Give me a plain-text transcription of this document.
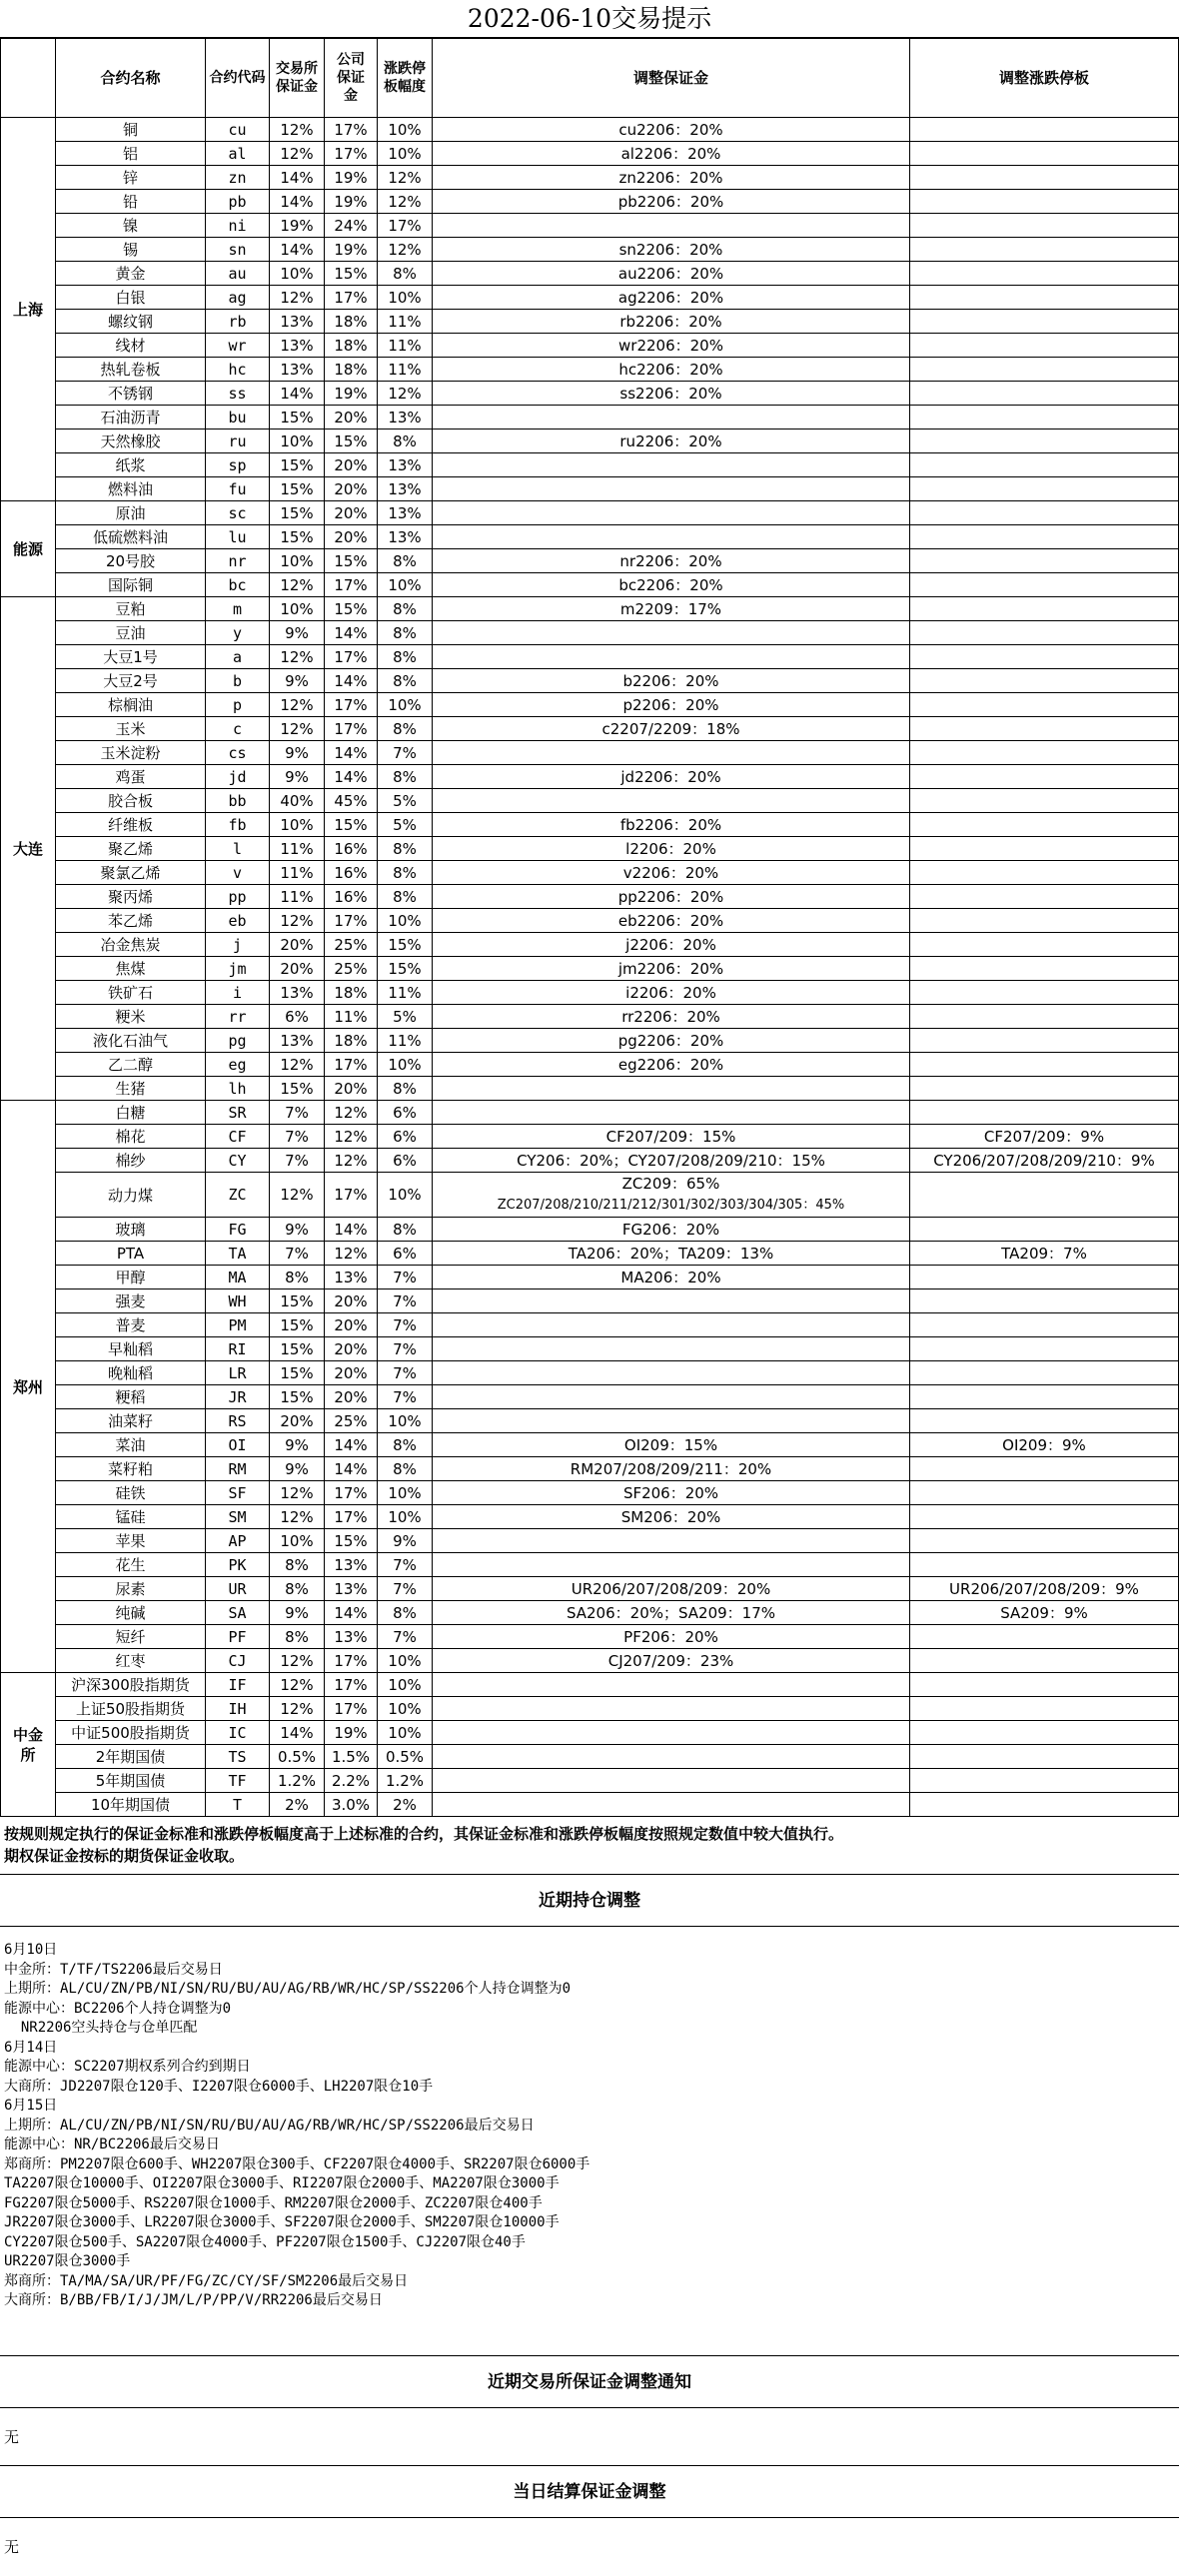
2022-06-10交易提示
	合约名称	合约代码	交易所保证金	公司保证金	涨跌停板幅度	调整保证金	调整涨跌停板
上海	铜	cu	12%	17%	10%	cu2206：20%	
	铝	al	12%	17%	10%	al2206：20%	
	锌	zn	14%	19%	12%	zn2206：20%	
	铅	pb	14%	19%	12%	pb2206：20%	
	镍	ni	19%	24%	17%		
	锡	sn	14%	19%	12%	sn2206：20%	
	黄金	au	10%	15%	8%	au2206：20%	
	白银	ag	12%	17%	10%	ag2206：20%	
	螺纹钢	rb	13%	18%	11%	rb2206：20%	
	线材	wr	13%	18%	11%	wr2206：20%	
	热轧卷板	hc	13%	18%	11%	hc2206：20%	
	不锈钢	ss	14%	19%	12%	ss2206：20%	
	石油沥青	bu	15%	20%	13%		
	天然橡胶	ru	10%	15%	8%	ru2206：20%	
	纸浆	sp	15%	20%	13%		
	燃料油	fu	15%	20%	13%		
能源	原油	sc	15%	20%	13%		
	低硫燃料油	lu	15%	20%	13%		
	20号胶	nr	10%	15%	8%	nr2206：20%	
	国际铜	bc	12%	17%	10%	bc2206：20%	
大连	豆粕	m	10%	15%	8%	m2209：17%	
	豆油	y	9%	14%	8%		
	大豆1号	a	12%	17%	8%		
	大豆2号	b	9%	14%	8%	b2206：20%	
	棕榈油	p	12%	17%	10%	p2206：20%	
	玉米	c	12%	17%	8%	c2207/2209：18%	
	玉米淀粉	cs	9%	14%	7%		
	鸡蛋	jd	9%	14%	8%	jd2206：20%	
	胶合板	bb	40%	45%	5%		
	纤维板	fb	10%	15%	5%	fb2206：20%	
	聚乙烯	l	11%	16%	8%	l2206：20%	
	聚氯乙烯	v	11%	16%	8%	v2206：20%	
	聚丙烯	pp	11%	16%	8%	pp2206：20%	
	苯乙烯	eb	12%	17%	10%	eb2206：20%	
	冶金焦炭	j	20%	25%	15%	j2206：20%	
	焦煤	jm	20%	25%	15%	jm2206：20%	
	铁矿石	i	13%	18%	11%	i2206：20%	
	粳米	rr	6%	11%	5%	rr2206：20%	
	液化石油气	pg	13%	18%	11%	pg2206：20%	
	乙二醇	eg	12%	17%	10%	eg2206：20%	
	生猪	lh	15%	20%	8%		
郑州	白糖	SR	7%	12%	6%		
	棉花	CF	7%	12%	6%	CF207/209：15%	CF207/209：9%
	棉纱	CY	7%	12%	6%	CY206：20%；CY207/208/209/210：15%	CY206/207/208/209/210：9%
	动力煤	ZC	12%	17%	10%	ZC209：65%
ZC207/208/210/211/212/301/302/303/304/305：45%	

	玻璃	FG	9%	14%	8%	FG206：20%	
	PTA	TA	7%	12%	6%	TA206：20%；TA209：13%	TA209：7%
	甲醇	MA	8%	13%	7%	MA206：20%	
	强麦	WH	15%	20%	7%		
	普麦	PM	15%	20%	7%		
	早籼稻	RI	15%	20%	7%		
	晚籼稻	LR	15%	20%	7%		
	粳稻	JR	15%	20%	7%		
	油菜籽	RS	20%	25%	10%		
	菜油	OI	9%	14%	8%	OI209：15%	OI209：9%
	菜籽粕	RM	9%	14%	8%	RM207/208/209/211：20%	
	硅铁	SF	12%	17%	10%	SF206：20%	
	锰硅	SM	12%	17%	10%	SM206：20%	
	苹果	AP	10%	15%	9%		
	花生	PK	8%	13%	7%		
	尿素	UR	8%	13%	7%	UR206/207/208/209：20%	UR206/207/208/209：9%
	纯碱	SA	9%	14%	8%	SA206：20%；SA209：17%	SA209：9%
	短纤	PF	8%	13%	7%	PF206：20%	
	红枣	CJ	12%	17%	10%	CJ207/209：23%	
中金所	沪深300股指期货	IF	12%	17%	10%		
	上证50股指期货	IH	12%	17%	10%		
	中证500股指期货	IC	14%	19%	10%		
	2年期国债	TS	0.5%	1.5%	0.5%		
	5年期国债	TF	1.2%	2.2%	1.2%		
	10年期国债	T	2%	3.0%	2%		
按规则规定执行的保证金标准和涨跌停板幅度高于上述标准的合约，其保证金标准和涨跌停板幅度按照规定数值中较大值执行。
期权保证金按标的期货保证金收取。
近期持仓调整
6月10日
中金所：T/TF/TS2206最后交易日
上期所：AL/CU/ZN/PB/NI/SN/RU/BU/AU/AG/RB/WR/HC/SP/SS2206个人持仓调整为0
能源中心：BC2206个人持仓调整为0
NR2206空头持仓与仓单匹配
6月14日
能源中心：SC2207期权系列合约到期日
大商所：JD2207限仓120手、I2207限仓6000手、LH2207限仓10手
6月15日
上期所：AL/CU/ZN/PB/NI/SN/RU/BU/AU/AG/RB/WR/HC/SP/SS2206最后交易日
能源中心：NR/BC2206最后交易日
郑商所：PM2207限仓600手、WH2207限仓300手、CF2207限仓4000手、SR2207限仓6000手
TA2207限仓10000手、OI2207限仓3000手、RI2207限仓2000手、MA2207限仓3000手
FG2207限仓5000手、RS2207限仓1000手、RM2207限仓2000手、ZC2207限仓400手
JR2207限仓3000手、LR2207限仓3000手、SF2207限仓2000手、SM2207限仓10000手
CY2207限仓500手、SA2207限仓4000手、PF2207限仓1500手、CJ2207限仓40手
UR2207限仓3000手
郑商所：TA/MA/SA/UR/PF/FG/ZC/CY/SF/SM2206最后交易日
大商所：B/BB/FB/I/J/JM/L/P/PP/V/RR2206最后交易日
近期交易所保证金调整通知
无
当日结算保证金调整
无
